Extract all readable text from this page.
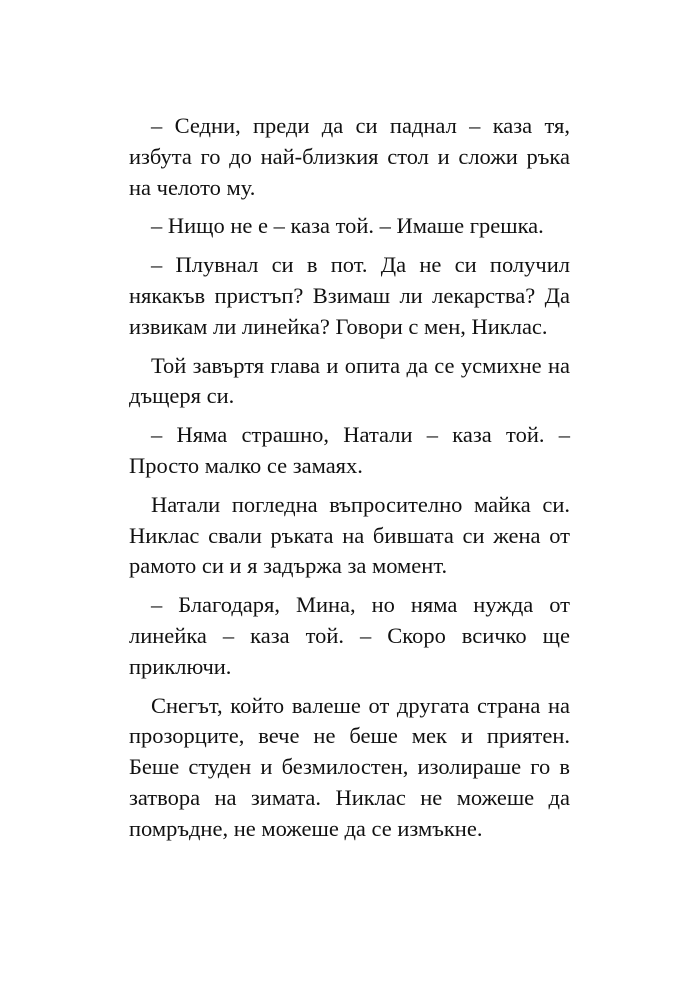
– Седни, преди да си паднал – каза тя, избута го до най-близкия стол и сложи ръка на челото му.

– Нищо не е – каза той. – Имаше грешка.

– Плувнал си в пот. Да не си получил някакъв пристъп? Взимаш ли лекарства? Да извикам ли линейка? Говори с мен, Никлас.

Той завъртя глава и опита да се усмихне на дъщеря си.

– Няма страшно, Натали – каза той. – Просто малко се замаях.

Натали погледна въпросително майка си. Никлас свали ръката на бившата си жена от рамото си и я задържа за момент.

– Благодаря, Мина, но няма нужда от линейка – каза той. – Скоро всичко ще приключи.

Снегът, който валеше от другата страна на прозорците, вече не беше мек и приятен. Беше студен и безмилостен, изолираше го в затвора на зимата. Никлас не можеше да помръдне, не можеше да се измъкне.
